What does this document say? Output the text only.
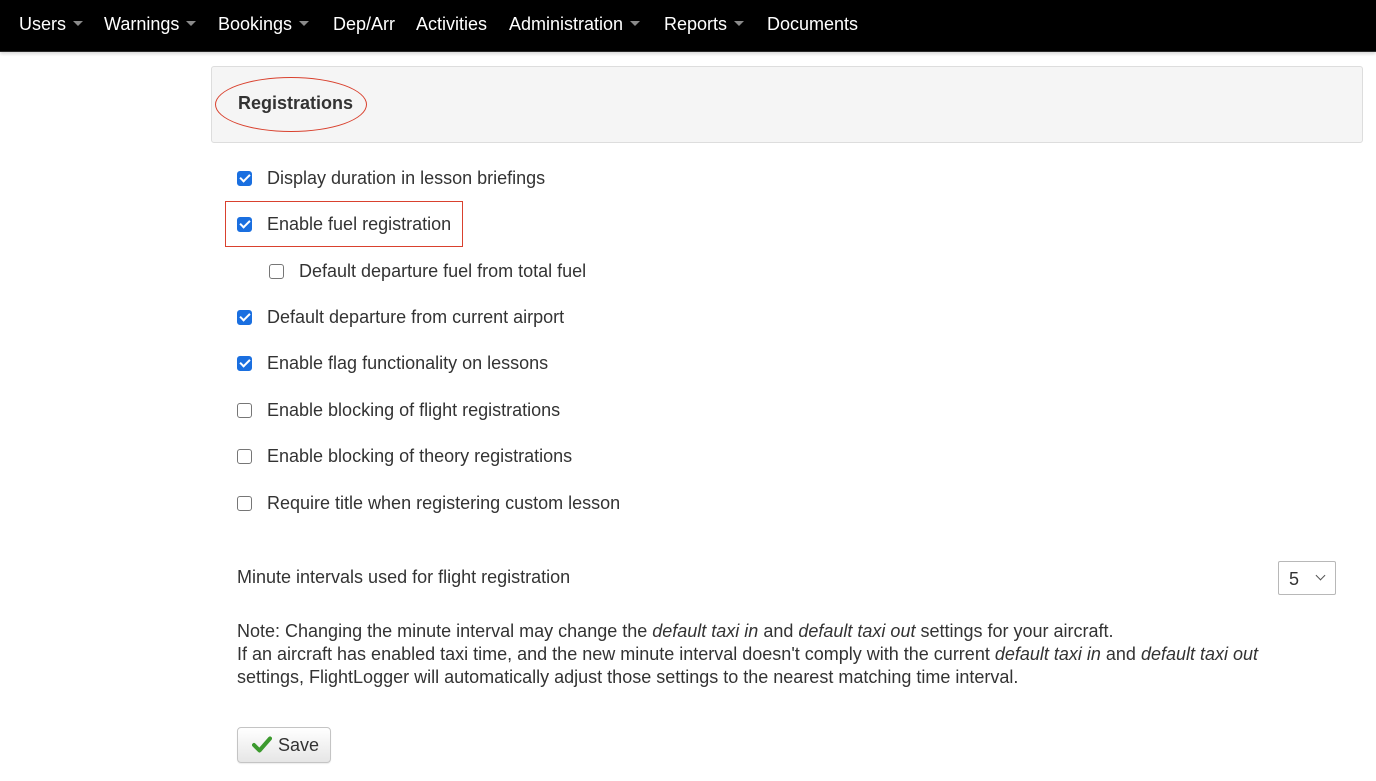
Users	Warnings	Bookings	Dep/Arr Activities Administration	Reports	Documents
Registrations
Display duration in lesson briefings
Enable fuel registration
Default departure fuel from total fuel
Default departure from current airport
Enable flag functionality on lessons
Enable blocking of flight registrations
Enable blocking of theory registrations
Require title when registering custom lesson
Minute intervals used for flight registration	5
Note: Changing the minute interval may change the default taxi in and default taxi out settings for your aircraft.
If an aircraft has enabled taxi time, and the new minute interval doesn't comply with the current default taxi in and default taxi out
settings, FlightLogger will automatically adjust those settings to the nearest matching time interval.
Save
